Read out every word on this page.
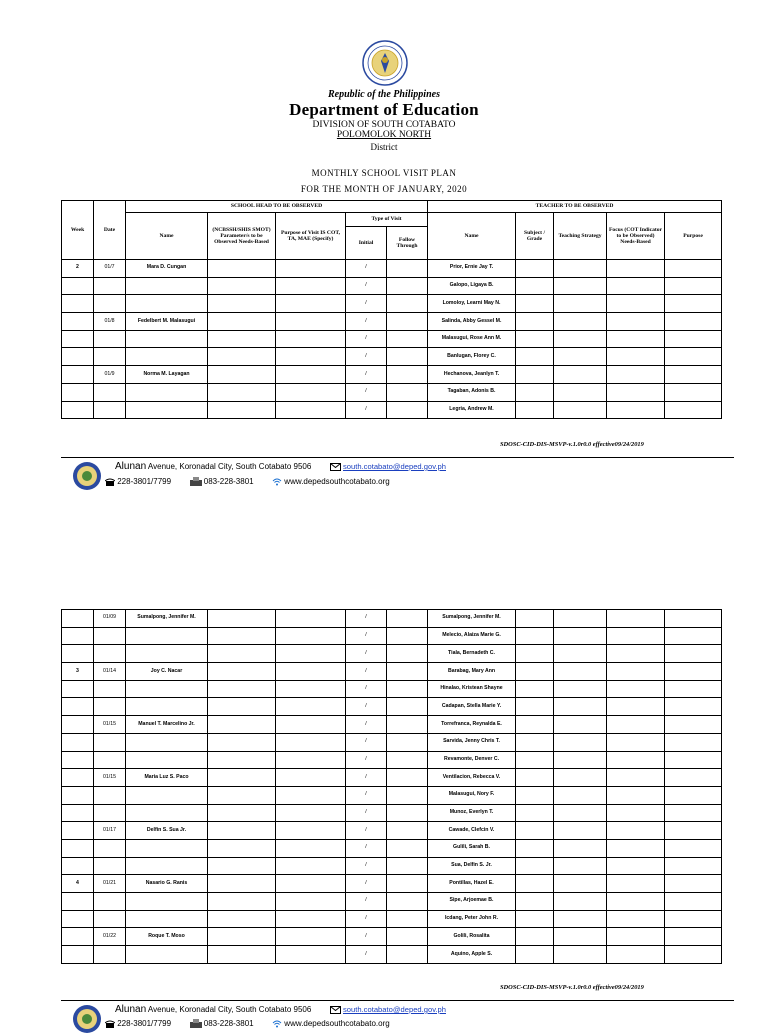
Republic of the Philippines
Department of Education
DIVISION OF SOUTH COTABATO
POLOMOLOK NORTH
District
MONTHLY SCHOOL VISIT PLAN
FOR THE MONTH OF JANUARY, 2020
Week	Date	SCHOOL HEAD TO BE OBSERVED					TEACHER TO BE OBSERVED				
		Name	(NCBSSH/SHIS SMOT) Parameter/s to be Observed Needs-Based	Purpose of Visit IS COT, TA, MAE (Specify)	Type of Visit		Name	Subject / Grade	Teaching Strategy	Focus (COT Indicator to be Observed) Needs-Based	Purpose
					Initial	Follow Through					
2	01/7	Mara D. Cungan			/		Prior, Ernie Jay T.				
					/		Galopo, Ligaya B.				
					/		Lomoloy, Learni May N.				
	01/8	Fedelbert M. Malasugui			/		Salinda, Abby Gessel M.				
					/		Malasugui, Rose Ann M.				
					/		Banlugan, Florey C.				
	01/9	Norma M. Layagan			/		Hechanova, Jeanlyn T.				
					/		Tagaban, Adonis B.				
					/		Legria, Andrew M.				
SDOSC-CID-DIS-MSVP-v.1.0r0.0 effective09/24/2019
Alunan Avenue, Koronadal City, South Cotabato 9506	south.cotabato@deped.gov.ph
228-3801/7799	083-228-3801	www.depedsouthcotabato.org
	01/09	Sumalpong, Jennifer M.			/		Sumalpong, Jennifer M.				
					/		Melecio, Alaiza Marie G.				
					/		Tiala, Bernadeth C.				
3	01/14	Joy C. Nacar			/		Barabag, Mary Ann				
					/		Hinalao, Kristean Shayne				
					/		Cadapan, Stella Marie Y.				
	01/15	Manuel T. Marcelino Jr.			/		Torrefranca, Reynalda E.				
					/		Sarvida, Jenny Chris T.				
					/		Revamonte, Denver C.				
	01/15	Maria Luz S. Paco			/		Ventilacion, Rebecca V.				
					/		Malasugui, Nory F.				
					/		Munoz, Everlyn T.				
	01/17	Delfin S. Sua Jr.			/		Cawade, Clefcin V.				
					/		Gulili, Sarah B.				
					/		Sua, Delfin S. Jr.				
4	01/21	Nasario G. Ranis			/		Pontillas, Hazel E.				
					/		Sipe, Arjoemae B.				
					/		Icdang, Peter John R.				
	01/22	Roque T. Moso			/		Golili, Rosalita				
					/		Aquino, Apple S.				
SDOSC-CID-DIS-MSVP-v.1.0r0.0 effective09/24/2019
Alunan Avenue, Koronadal City, South Cotabato 9506	south.cotabato@deped.gov.ph
228-3801/7799	083-228-3801	www.depedsouthcotabato.org
